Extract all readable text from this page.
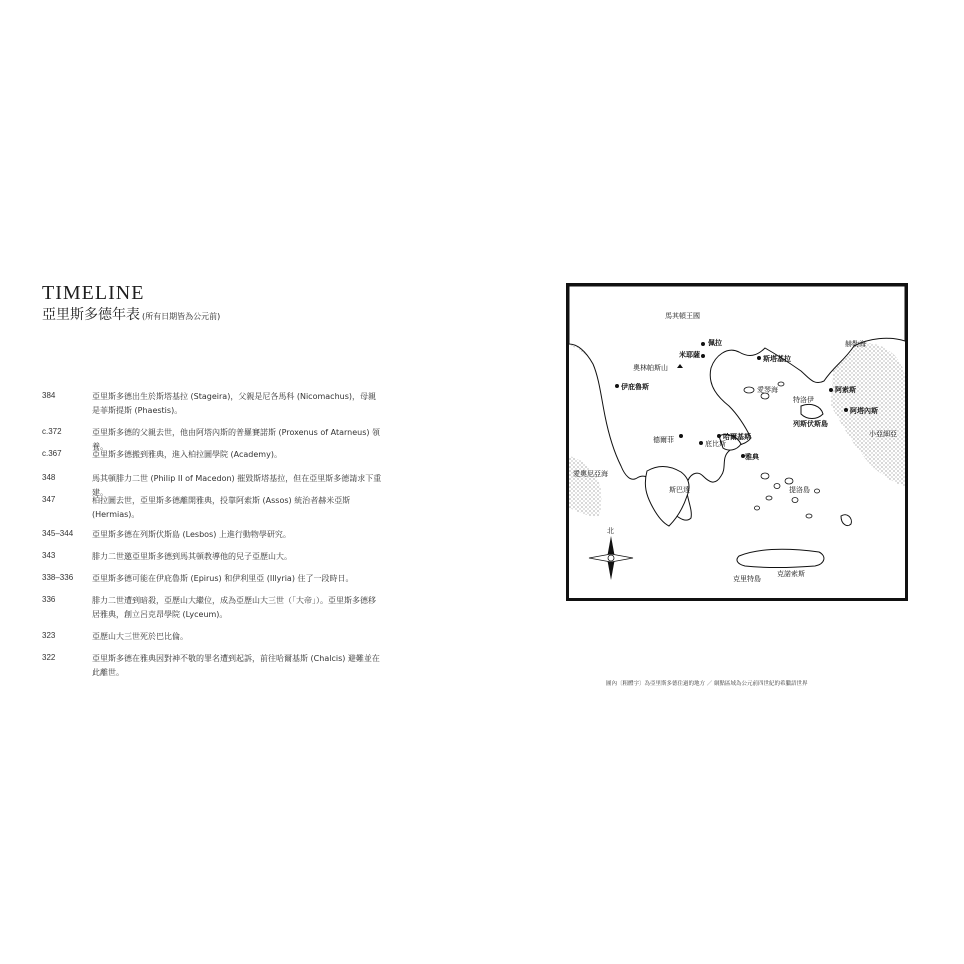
TIMELINE
亞里斯多德年表 (所有日期皆為公元前)
384	亞里斯多德出生於斯塔基拉 (Stageira)，父親是尼各馬科 (Nicomachus)，母親是菲斯提斯 (Phaestis)。
c.372	亞里斯多德的父親去世，他由阿塔內斯的普羅賽諾斯 (Proxenus of Atarneus) 領養。
c.367	亞里斯多德搬到雅典，進入柏拉圖學院 (Academy)。
348	馬其頓腓力二世 (Philip II of Macedon) 摧毀斯塔基拉，但在亞里斯多德請求下重建。
347	柏拉圖去世，亞里斯多德離開雅典，投靠阿索斯 (Assos) 統治者赫米亞斯 (Hermias)。
345–344	亞里斯多德在列斯伏斯島 (Lesbos) 上進行動物學研究。
343	腓力二世邀亞里斯多德到馬其頓教導他的兒子亞歷山大。
338–336	亞里斯多德可能在伊庇魯斯 (Epirus) 和伊利里亞 (Illyria) 住了一段時日。
336	腓力二世遭到暗殺，亞歷山大繼位，成為亞歷山大三世（「大帝」）。亞里斯多德移居雅典，創立呂克昂學院 (Lyceum)。
323	亞歷山大三世死於巴比倫。
322	亞里斯多德在雅典因對神不敬的罪名遭到起訴，前往哈爾基斯 (Chalcis) 避難並在此離世。
馬其頓王國
佩拉
米耶薩	斯塔基拉
奧林帕斯山
伊庇魯斯	愛琴海
特洛伊
阿索斯
阿塔內斯
列斯伏斯島
小亞細亞
德爾菲	底比斯
哈爾基斯
雅典
愛奧尼亞海
斯巴達	提洛島
克里特島
克諾索斯
赫勒海
北
圖內〔粗體字〕為亞里斯多德住過的地方 ／ 網點區域為公元前四世紀的希臘語世界
